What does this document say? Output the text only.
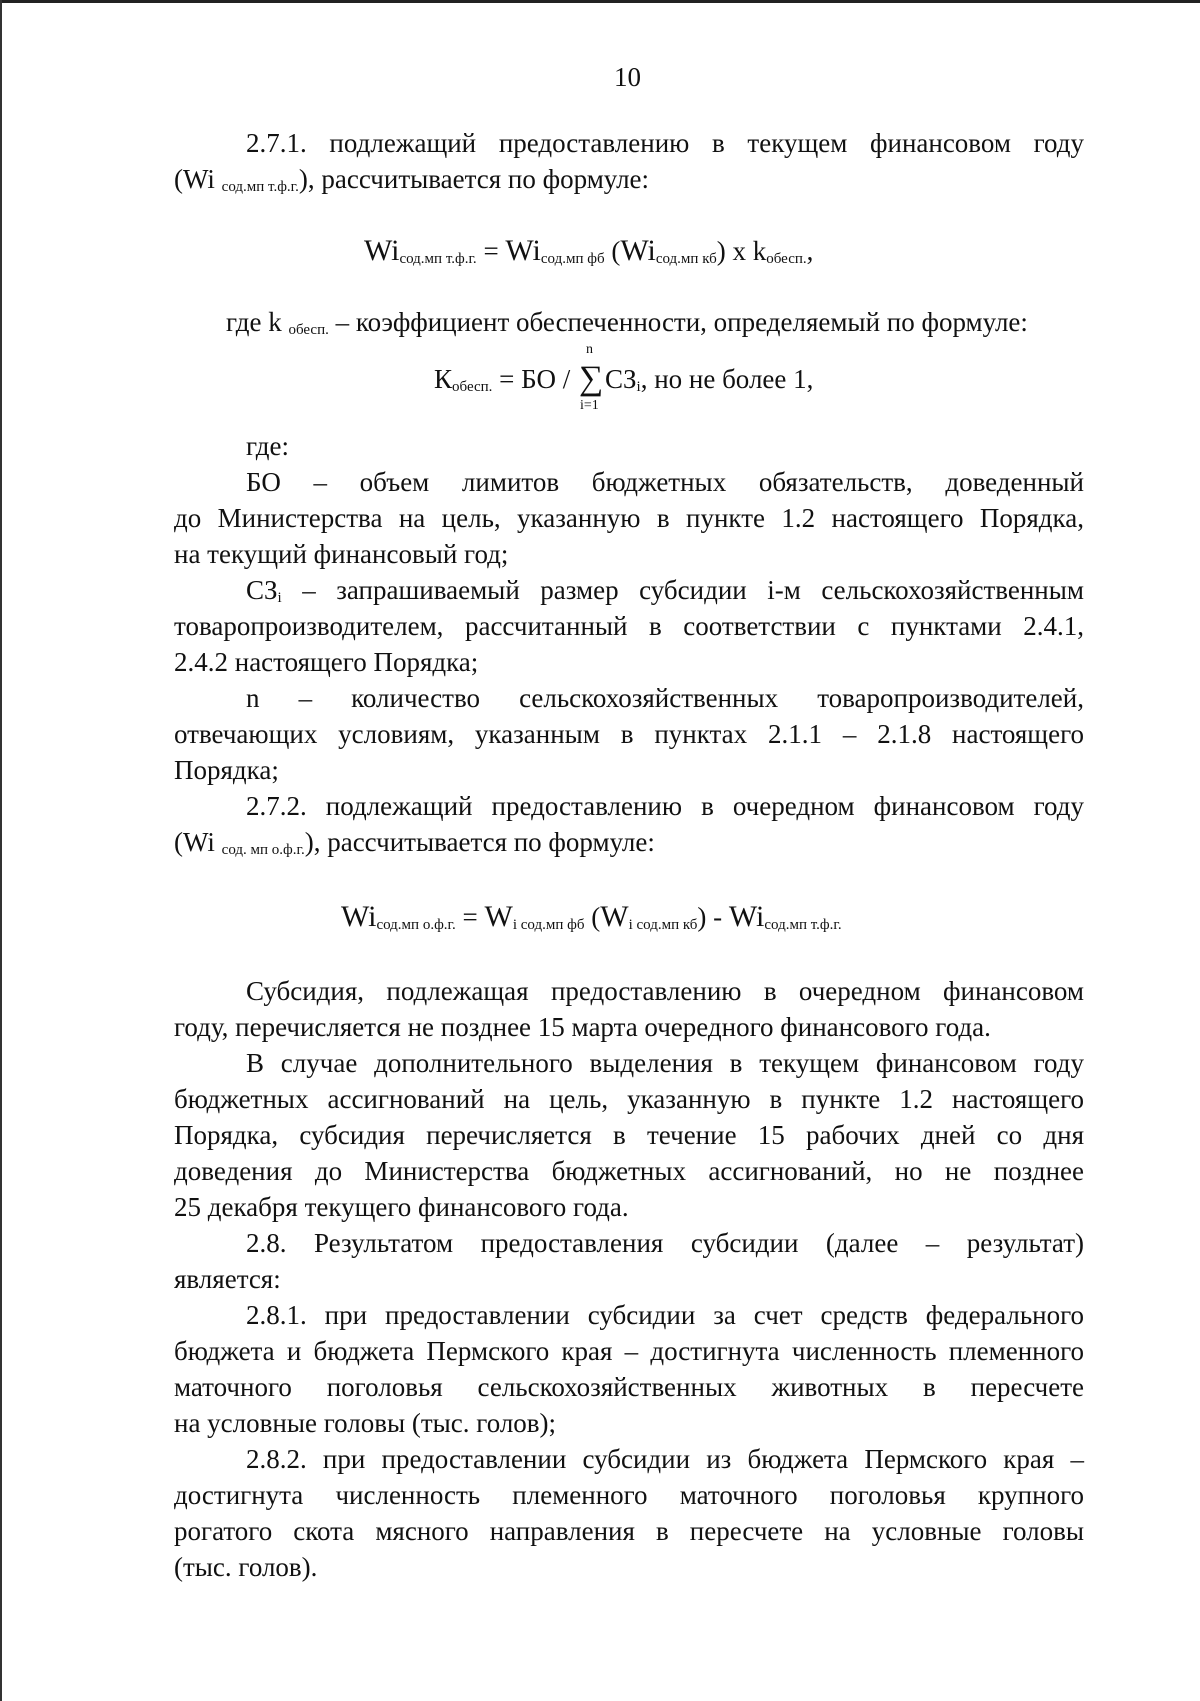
10

2.7.1. подлежащий предоставлению в текущем финансовом году

(Wi $_{сод.мп т.ф.г.}$), рассчитывается по формуле:

$Wi_{сод.мп т.ф.г.} = Wi_{сод.мп фб}$ $(Wi_{сод.мп кб})$ х $k_{обесп.}$,
где k $_{обесп.}$ – коэффициент обеспеченности, определяемый по формуле:
$К_{обесп.}$ = БО /
n
∑
i=1
$СЗ_i$, но не более 1,

где:

БО – объем лимитов бюджетных обязательств, доведенный

до Министерства на цель, указанную в пункте 1.2 настоящего Порядка,

на текущий финансовый год;

$СЗ_i$ – запрашиваемый размер субсидии i-м сельскохозяйственным

товаропроизводителем, рассчитанный в соответствии с пунктами 2.4.1,

2.4.2 настоящего Порядка;

n – количество сельскохозяйственных товаропроизводителей,

отвечающих условиям, указанным в пунктах 2.1.1 – 2.1.8 настоящего

Порядка;

2.7.2. подлежащий предоставлению в очередном финансовом году

(Wi $_{сод. мп о.ф.г.}$), рассчитывается по формуле:

$Wi_{сод.мп о.ф.г.} = W_{i сод.мп фб}$ $(W_{i сод.мп кб}) - Wi_{сод.мп т.ф.г.}$

Субсидия, подлежащая предоставлению в очередном финансовом

году, перечисляется не позднее 15 марта очередного финансового года.

В случае дополнительного выделения в текущем финансовом году

бюджетных ассигнований на цель, указанную в пункте 1.2 настоящего

Порядка, субсидия перечисляется в течение 15 рабочих дней со дня

доведения до Министерства бюджетных ассигнований, но не позднее

25 декабря текущего финансового года.

2.8. Результатом предоставления субсидии (далее – результат)

является:

2.8.1. при предоставлении субсидии за счет средств федерального

бюджета и бюджета Пермского края – достигнута численность племенного

маточного поголовья сельскохозяйственных животных в пересчете

на условные головы (тыс. голов);

2.8.2. при предоставлении субсидии из бюджета Пермского края –

достигнута численность племенного маточного поголовья крупного

рогатого скота мясного направления в пересчете на условные головы

(тыс. голов).
